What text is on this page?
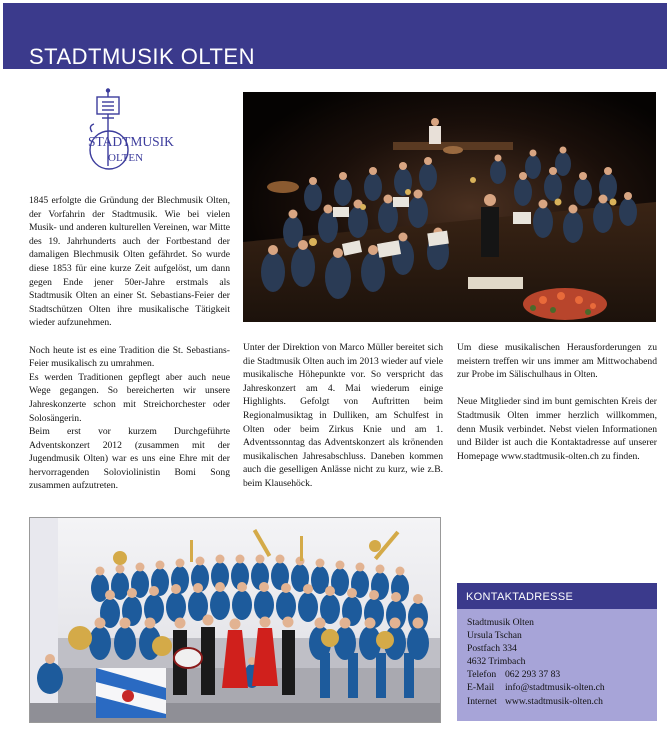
STADTMUSIK OLTEN
STADTMUSIK
OLTEN

1845 erfolgte die Gründung der Blechmusik Olten, der Vorfahrin der Stadtmusik. Wie bei vielen Musik- und anderen kulturellen Vereinen, war Mitte des 19. Jahrhunderts auch der Fortbestand der damaligen Blechmusik Olten gefährdet. So wurde diese 1853 für eine kurze Zeit aufgelöst, um dann gegen Ende jener 50er-Jahre erstmals als Stadtmusik Olten an einer St. Sebastians-Feier der Stadtschützen Olten ihre musikalische Tätigkeit wieder aufzunehmen.

Noch heute ist es eine Tradition die St. Sebastians-Feier musikalisch zu umrahmen.

Es werden Traditionen gepflegt aber auch neue Wege gegangen. So bereicherten wir unsere Jahreskonzerte schon mit Streichorchester oder Solosängerin.

Beim erst vor kurzem Durchgeführte Adventskonzert 2012 (zusammen mit der Jugendmusik Olten) war es uns eine Ehre mit der hervorragenden Soloviolinistin Bomi Song zusammen aufzutreten.

Unter der Direktion von Marco Müller bereitet sich die Stadtmusik Olten auch im 2013 wieder auf viele musikalische Höhepunkte vor. So verspricht das Jahreskonzert am 4. Mai wiederum einige Highlights. Gefolgt von Auftritten beim Regionalmusiktag in Dulliken, am Schulfest in Olten oder beim Zirkus Knie und am 1. Adventssonntag das Adventskonzert als krönenden musikalischen Jahresabschluss. Daneben kommen auch die geselligen Anlässe nicht zu kurz, wie z.B. beim Klausehöck.

Um diese musikalischen Herausforderungen zu meistern treffen wir uns immer am Mittwochabend zur Probe im Sälischulhaus in Olten.

Neue Mitglieder sind im bunt gemischten Kreis der Stadtmusik Olten immer herzlich willkommen, denn Musik verbindet. Nebst vielen Informationen und Bilder ist auch die Kontaktadresse auf unserer Homepage www.stadtmusik-olten.ch zu finden.

KONTAKTADRESSE
Stadtmusik Olten
Ursula Tschan
Postfach 334
4632 Trimbach
Telefon 062 293 37 83
E-Mail	info@stadtmusik-olten.ch
Internet www.stadtmusik-olten.ch
